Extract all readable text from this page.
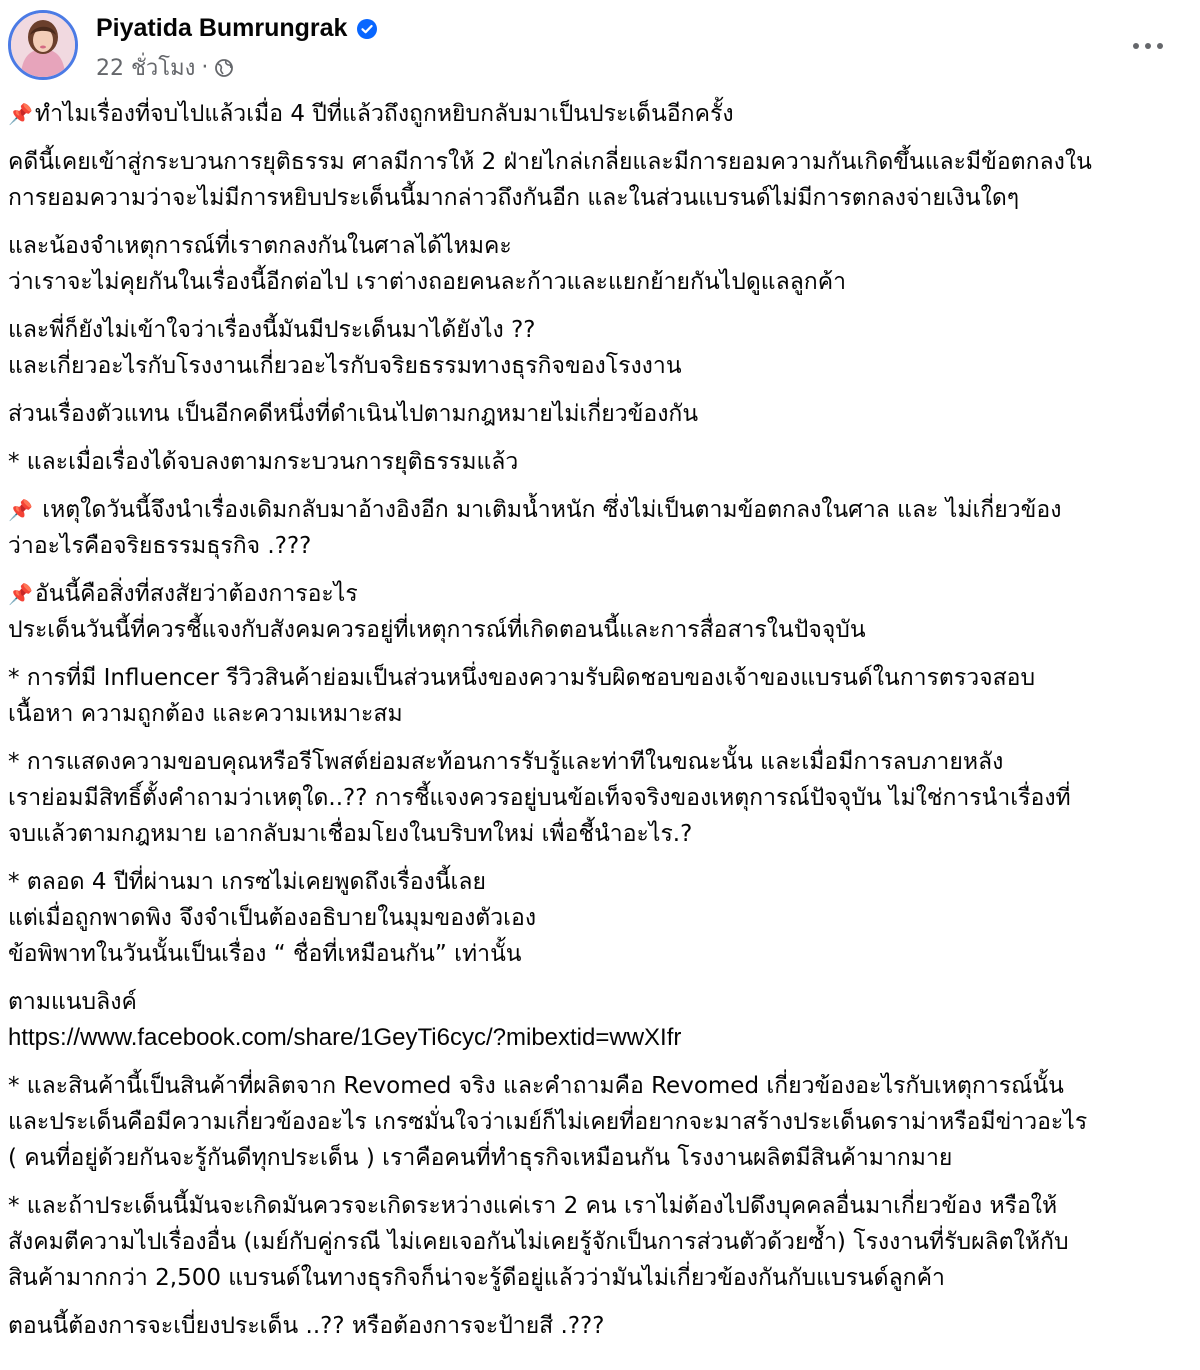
Piyatida Bumrungrak
22 ชั่วโมง ·
📌ทำไมเรื่องที่จบไปแล้วเมื่อ 4 ปีที่แล้วถึงถูกหยิบกลับมาเป็นประเด็นอีกครั้ง
คดีนี้เคยเข้าสู่กระบวนการยุติธรรม ศาลมีการให้ 2 ฝ่ายไกล่เกลี่ยและมีการยอมความกันเกิดขึ้นและมีข้อตกลงใน
การยอมความว่าจะไม่มีการหยิบประเด็นนี้มากล่าวถึงกันอีก และในส่วนแบรนด์ไม่มีการตกลงจ่ายเงินใดๆ
และน้องจำเหตุการณ์ที่เราตกลงกันในศาลได้ไหมคะ
ว่าเราจะไม่คุยกันในเรื่องนี้อีกต่อไป เราต่างถอยคนละก้าวและแยกย้ายกันไปดูแลลูกค้า
และพี่ก็ยังไม่เข้าใจว่าเรื่องนี้มันมีประเด็นมาได้ยังไง ??
และเกี่ยวอะไรกับโรงงานเกี่ยวอะไรกับจริยธรรมทางธุรกิจของโรงงาน
ส่วนเรื่องตัวแทน เป็นอีกคดีหนึ่งที่ดำเนินไปตามกฎหมายไม่เกี่ยวข้องกัน
* และเมื่อเรื่องได้จบลงตามกระบวนการยุติธรรมแล้ว
📌 เหตุใดวันนี้จึงนำเรื่องเดิมกลับมาอ้างอิงอีก มาเติมน้ำหนัก ซึ่งไม่เป็นตามข้อตกลงในศาล และ ไม่เกี่ยวข้อง
ว่าอะไรคือจริยธรรมธุรกิจ .???
📌อันนี้คือสิ่งที่สงสัยว่าต้องการอะไร
ประเด็นวันนี้ที่ควรชี้แจงกับสังคมควรอยู่ที่เหตุการณ์ที่เกิดตอนนี้และการสื่อสารในปัจจุบัน
* การที่มี Influencer รีวิวสินค้าย่อมเป็นส่วนหนึ่งของความรับผิดชอบของเจ้าของแบรนด์ในการตรวจสอบ
เนื้อหา ความถูกต้อง และความเหมาะสม
* การแสดงความขอบคุณหรือรีโพสต์ย่อมสะท้อนการรับรู้และท่าทีในขณะนั้น และเมื่อมีการลบภายหลัง
เราย่อมมีสิทธิ์ตั้งคำถามว่าเหตุใด..?? การชี้แจงควรอยู่บนข้อเท็จจริงของเหตุการณ์ปัจจุบัน ไม่ใช่การนำเรื่องที่
จบแล้วตามกฎหมาย เอากลับมาเชื่อมโยงในบริบทใหม่ เพื่อชี้นำอะไร.?
* ตลอด 4 ปีที่ผ่านมา เกรซไม่เคยพูดถึงเรื่องนี้เลย
แต่เมื่อถูกพาดพิง จึงจำเป็นต้องอธิบายในมุมของตัวเอง
ข้อพิพาทในวันนั้นเป็นเรื่อง “ ชื่อที่เหมือนกัน” เท่านั้น
ตามแนบลิงค์
https://www.facebook.com/share/1GeyTi6cyc/?mibextid=wwXIfr
* และสินค้านี้เป็นสินค้าที่ผลิตจาก Revomed จริง และคำถามคือ Revomed เกี่ยวข้องอะไรกับเหตุการณ์นั้น
และประเด็นคือมีความเกี่ยวข้องอะไร เกรซมั่นใจว่าเมย์ก็ไม่เคยที่อยากจะมาสร้างประเด็นดราม่าหรือมีข่าวอะไร
( คนที่อยู่ด้วยกันจะรู้กันดีทุกประเด็น ) เราคือคนที่ทำธุรกิจเหมือนกัน โรงงานผลิตมีสินค้ามากมาย
* และถ้าประเด็นนี้มันจะเกิดมันควรจะเกิดระหว่างแค่เรา 2 คน เราไม่ต้องไปดึงบุคคลอื่นมาเกี่ยวข้อง หรือให้
สังคมตีความไปเรื่องอื่น (เมย์กับคู่กรณี ไม่เคยเจอกันไม่เคยรู้จักเป็นการส่วนตัวด้วยซ้ำ) โรงงานที่รับผลิตให้กับ
สินค้ามากกว่า 2,500 แบรนด์ในทางธุรกิจก็น่าจะรู้ดีอยู่แล้วว่ามันไม่เกี่ยวข้องกันกับแบรนด์ลูกค้า
ตอนนี้ต้องการจะเบี่ยงประเด็น ..?? หรือต้องการจะป้ายสี .???
